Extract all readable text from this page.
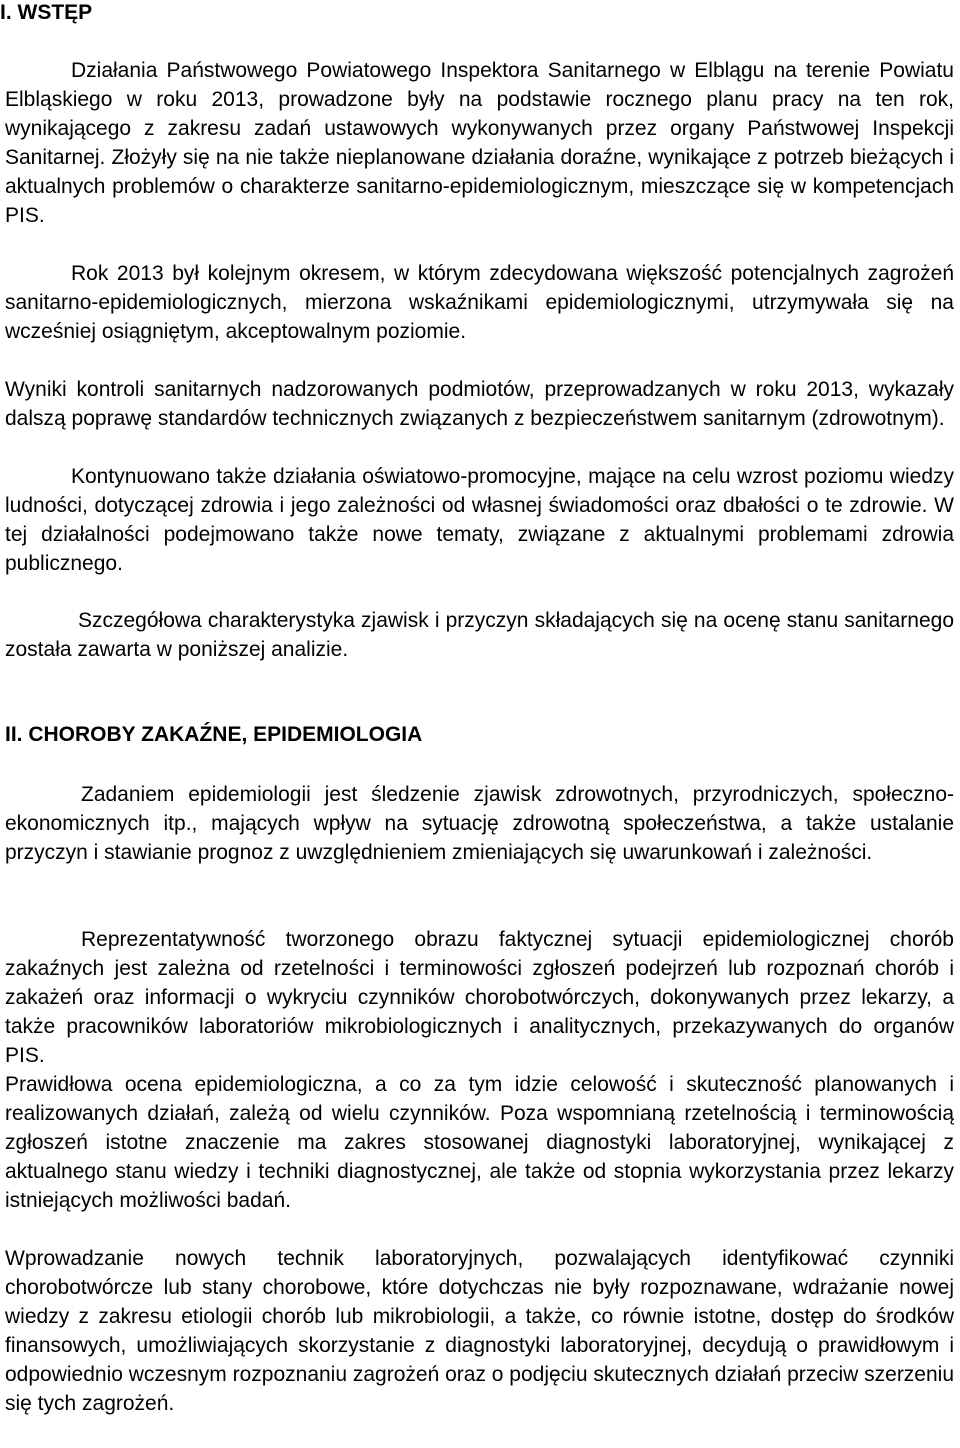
I. WSTĘP

Działania Państwowego Powiatowego Inspektora Sanitarnego w Elblągu na terenie Powiatu Elbląskiego w roku 2013, prowadzone były na podstawie rocznego planu pracy na ten rok, wynikającego z zakresu zadań ustawowych wykonywanych przez organy Państwowej Inspekcji Sanitarnej. Złożyły się na nie także nieplanowane działania doraźne, wynikające z potrzeb bieżących i aktualnych problemów o charakterze sanitarno-epidemiologicznym, mieszczące się w kompetencjach PIS.

Rok 2013 był kolejnym okresem, w którym zdecydowana większość potencjalnych zagrożeń sanitarno-epidemiologicznych, mierzona wskaźnikami epidemiologicznymi, utrzymywała się na wcześniej osiągniętym, akceptowalnym poziomie.

Wyniki kontroli sanitarnych nadzorowanych podmiotów, przeprowadzanych w roku 2013, wykazały dalszą poprawę standardów technicznych związanych z bezpieczeństwem sanitarnym (zdrowotnym).

Kontynuowano także działania oświatowo-promocyjne, mające na celu wzrost poziomu wiedzy ludności, dotyczącej zdrowia i jego zależności od własnej świadomości oraz dbałości o te zdrowie. W tej działalności podejmowano także nowe tematy, związane z aktualnymi problemami zdrowia publicznego.

Szczegółowa charakterystyka zjawisk i przyczyn składających się na ocenę stanu sanitarnego została zawarta w poniższej analizie.

II. CHOROBY ZAKAŹNE, EPIDEMIOLOGIA

Zadaniem epidemiologii jest śledzenie zjawisk zdrowotnych, przyrodniczych, społeczno-ekonomicznych itp., mających wpływ na sytuację zdrowotną społeczeństwa, a także ustalanie przyczyn i stawianie prognoz z uwzględnieniem zmieniających się uwarunkowań i zależności.

Reprezentatywność tworzonego obrazu faktycznej sytuacji epidemiologicznej chorób zakaźnych jest zależna od rzetelności i terminowości zgłoszeń podejrzeń lub rozpoznań chorób i zakażeń oraz informacji o wykryciu czynników chorobotwórczych, dokonywanych przez lekarzy, a także pracowników laboratoriów mikrobiologicznych i analitycznych, przekazywanych do organów PIS.

Prawidłowa ocena epidemiologiczna, a co za tym idzie celowość i skuteczność planowanych i realizowanych działań, zależą od wielu czynników. Poza wspomnianą rzetelnością i terminowością zgłoszeń istotne znaczenie ma zakres stosowanej diagnostyki laboratoryjnej, wynikającej z aktualnego stanu wiedzy i techniki diagnostycznej, ale także od stopnia wykorzystania przez lekarzy istniejących możliwości badań.

Wprowadzanie nowych technik laboratoryjnych, pozwalających identyfikować czynniki chorobotwórcze lub stany chorobowe, które dotychczas nie były rozpoznawane, wdrażanie nowej wiedzy z zakresu etiologii chorób lub mikrobiologii, a także, co równie istotne, dostęp do środków finansowych, umożliwiających skorzystanie z diagnostyki laboratoryjnej, decydują o prawidłowym i odpowiednio wczesnym rozpoznaniu zagrożeń oraz o podjęciu skutecznych działań przeciw szerzeniu się tych zagrożeń.
